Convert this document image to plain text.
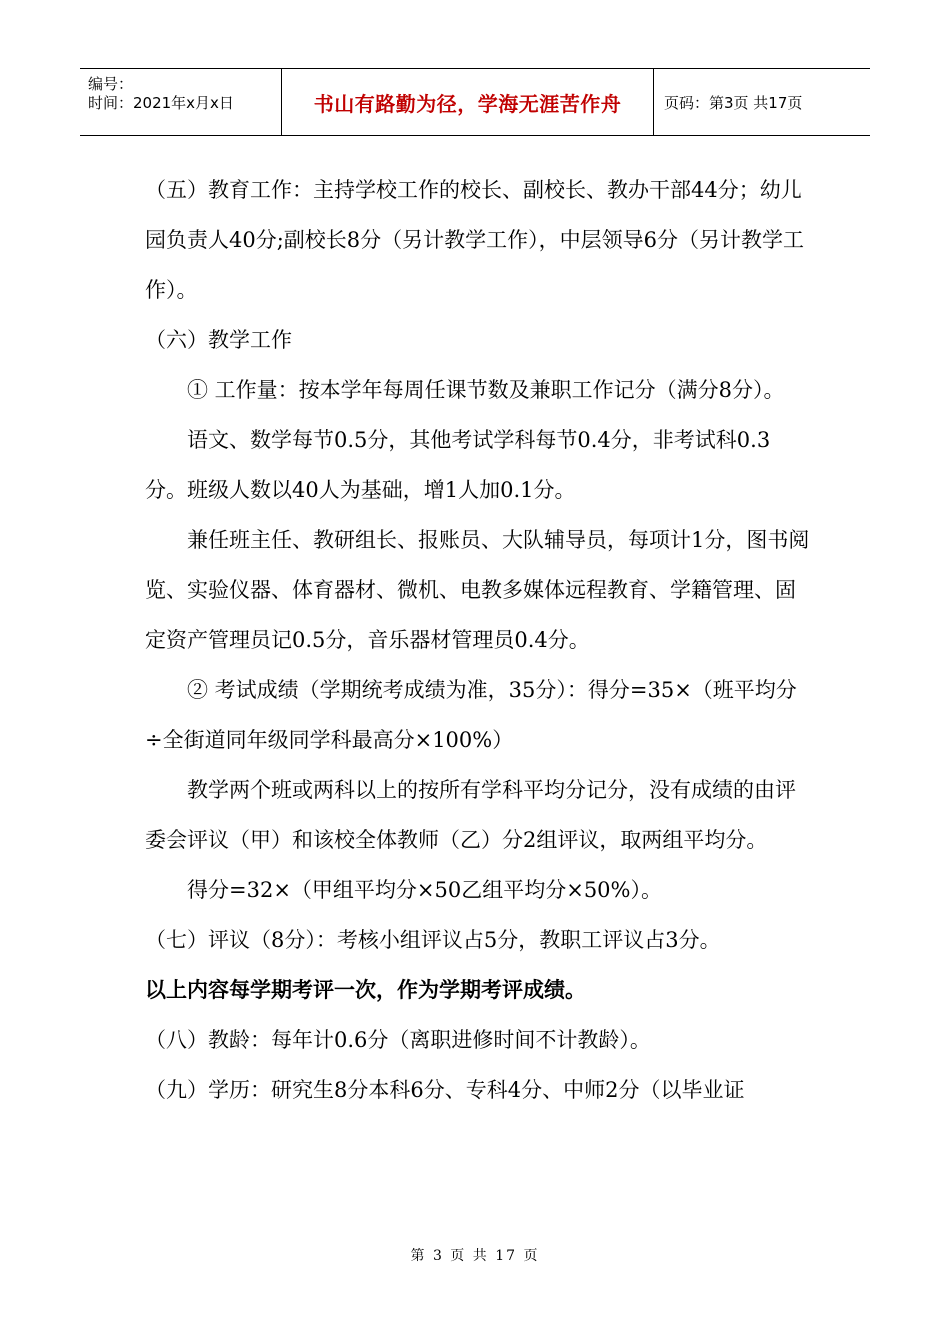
编号：
时间：2021年x月x日	书山有路勤为径，学海无涯苦作舟	页码：第3页 共17页

（五）教育工作：主持学校工作的校长、副校长、教办干部44分；幼儿园负责人40分;副校长8分（另计教学工作），中层领导6分（另计教学工作）。

（六）教学工作

① 工作量：按本学年每周任课节数及兼职工作记分（满分8分）。

语文、数学每节0.5分，其他考试学科每节0.4分，非考试科0.3分。班级人数以40人为基础，增1人加0.1分。

兼任班主任、教研组长、报账员、大队辅导员，每项计1分，图书阅览、实验仪器、体育器材、微机、电教多媒体远程教育、学籍管理、固定资产管理员记0.5分，音乐器材管理员0.4分。

② 考试成绩（学期统考成绩为准，35分）：得分=35×（班平均分÷全街道同年级同学科最高分×100%）

教学两个班或两科以上的按所有学科平均分记分，没有成绩的由评委会评议（甲）和该校全体教师（乙）分2组评议，取两组平均分。

得分=32×（甲组平均分×50乙组平均分×50%）。

（七）评议（8分）：考核小组评议占5分，教职工评议占3分。

以上内容每学期考评一次，作为学期考评成绩。

（八）教龄：每年计0.6分（离职进修时间不计教龄）。

（九）学历：研究生8分本科6分、专科4分、中师2分（以毕业证

第 3 页 共 17 页
